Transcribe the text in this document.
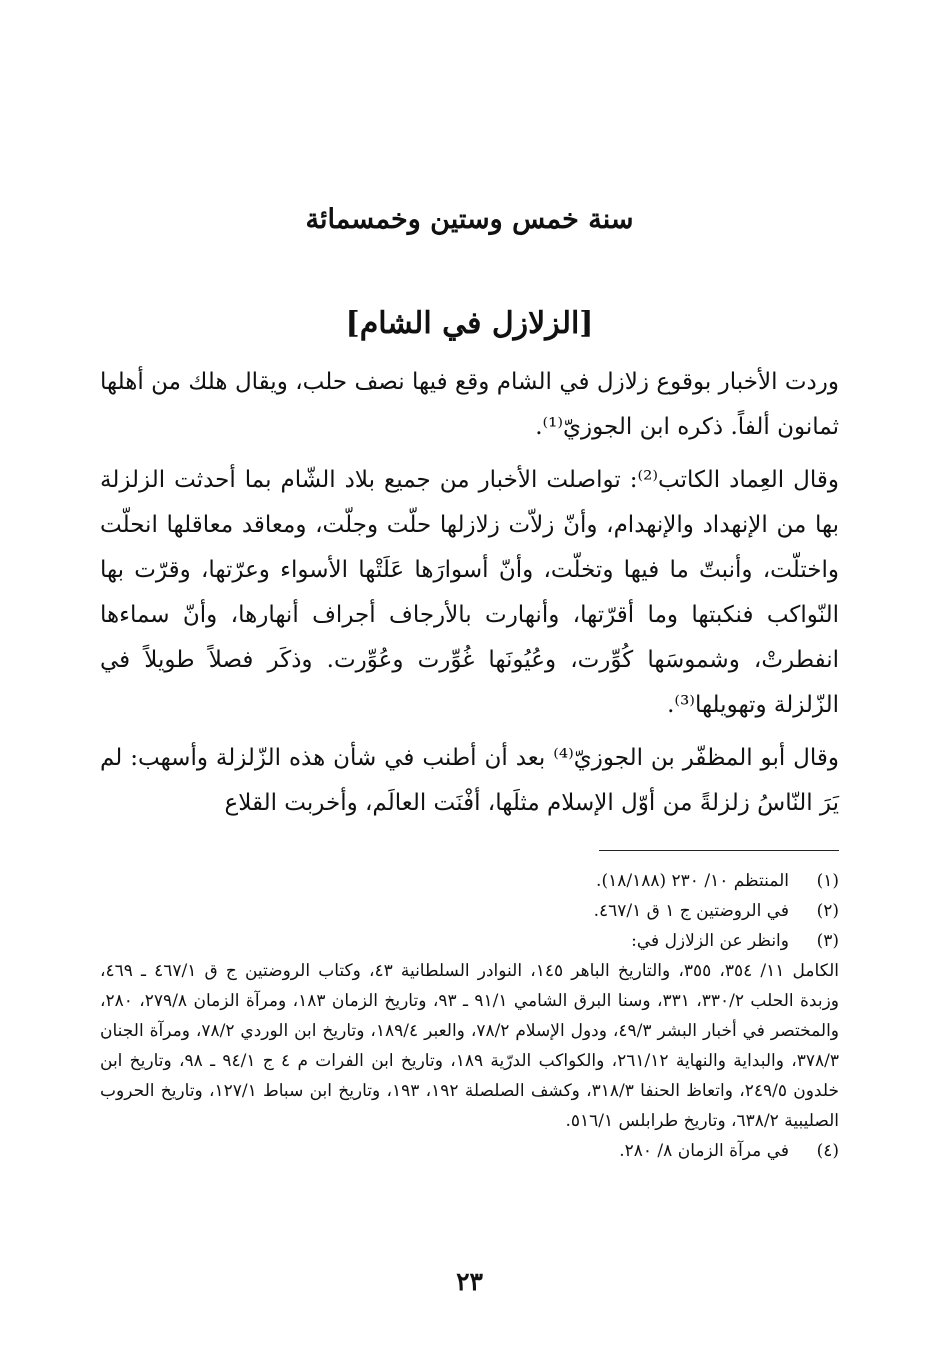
سنة خمس وستين وخمسمائة
[الزلازل في الشام]

وردت الأخبار بوقوع زلازل في الشام وقع فيها نصف حلب، ويقال هلك من أهلها ثمانون ألفاً. ذكره ابن الجوزيّ⁽¹⁾.

وقال العِماد الكاتب⁽²⁾: تواصلت الأخبار من جميع بلاد الشّام بما أحدثت الزلزلة بها من الإنهداد والإنهدام، وأنّ زلاّت زلازلها حلّت وجلّت، ومعاقد معاقلها انحلّت واختلّت، وأنبتّ ما فيها وتخلّت، وأنّ أسوارَها عَلَتْها الأسواء وعرّتها، وقرّت بها النّواكب فنكبتها وما أقرّتها، وأنهارت بالأرجاف أجراف أنهارها، وأنّ سماءها انفطرتْ، وشموسَها كُوِّرت، وعُيُونَها غُوِّرت وعُوِّرت. وذكَر فصلاً طويلاً في الزّلزلة وتهويلها⁽³⁾.

وقال أبو المظفّر بن الجوزيّ⁽⁴⁾ بعد أن أطنب في شأن هذه الزّلزلة وأسهب: لم يَرَ النّاسُ زلزلةً من أوّل الإسلام مثلَها، أفْنَت العالَم، وأخربت القلاع

(١)
المنتظم ١٠/ ٢٣٠ (١٨/١٨٨).
(٢)
في الروضتين ج ١ ق ٤٦٧/١.
(٣)
وانظر عن الزلازل في:

الكامل ١١/ ٣٥٤، ٣٥٥، والتاريخ الباهر ١٤٥، النوادر السلطانية ٤٣، وكتاب الروضتين ج ق ٤٦٧/١ ـ ٤٦٩، وزبدة الحلب ٣٣٠/٢، ٣٣١، وسنا البرق الشامي ٩١/١ ـ ٩٣، وتاريخ الزمان ١٨٣، ومرآة الزمان ٢٧٩/٨، ٢٨٠، والمختصر في أخبار البشر ٤٩/٣، ودول الإسلام ٧٨/٢، والعبر ١٨٩/٤، وتاريخ ابن الوردي ٧٨/٢، ومرآة الجنان ٣٧٨/٣، والبداية والنهاية ٢٦١/١٢، والكواكب الدرّية ١٨٩، وتاريخ ابن الفرات م ٤ ج ٩٤/١ ـ ٩٨، وتاريخ ابن خلدون ٢٤٩/٥، واتعاظ الحنفا ٣١٨/٣، وكشف الصلصلة ١٩٢، ١٩٣، وتاريخ ابن سباط ١٢٧/١، وتاريخ الحروب الصليبية ٦٣٨/٢، وتاريخ طرابلس ٥١٦/١.

(٤)
في مرآة الزمان ٨/ ٢٨٠.
٢٣
